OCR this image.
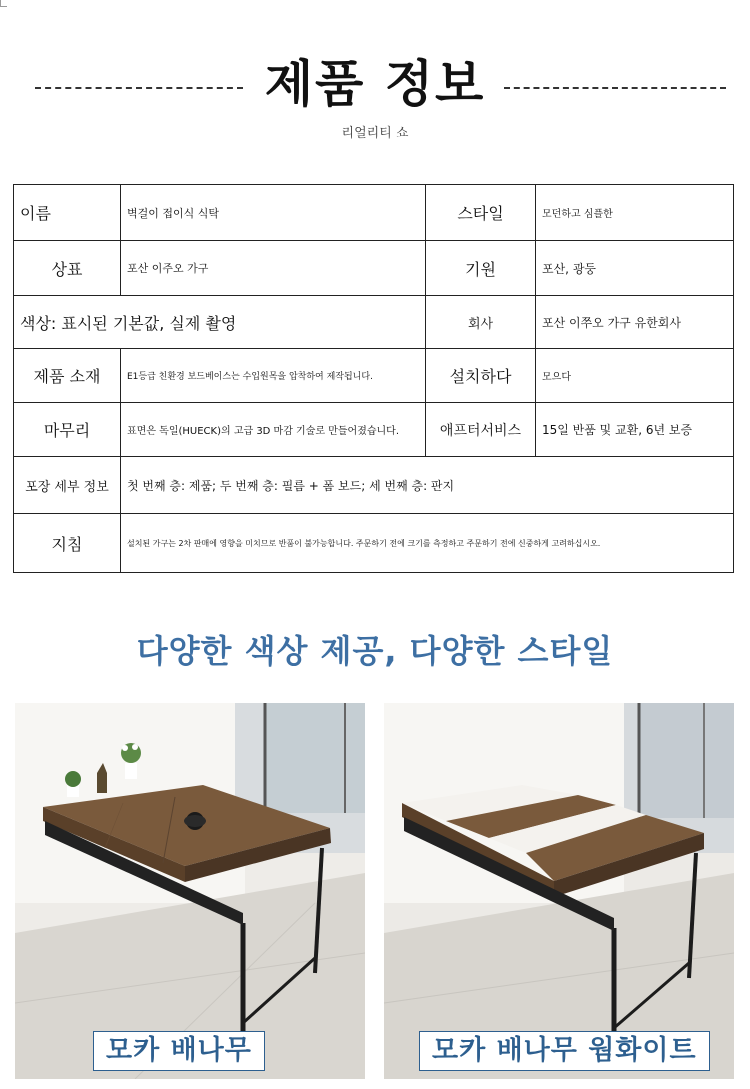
제품 정보
리얼리티 쇼
이름	벽걸이 접이식 식탁	스타일	모던하고 심플한
상표	포산 이주오 가구	기원	포산, 광둥
색상: 표시된 기본값, 실제 촬영		회사	포산 이쭈오 가구 유한회사
제품 소재	E1등급 친환경 보드베이스는 수입원목을 압착하여 제작됩니다.	설치하다	모으다
마무리	표면은 독일(HUECK)의 고급 3D 마감 기술로 만들어졌습니다.	애프터서비스	15일 반품 및 교환, 6년 보증
포장 세부 정보	첫 번째 층: 제품; 두 번째 층: 필름 + 폼 보드; 세 번째 층: 판지		
지침	설치된 가구는 2차 판매에 영향을 미치므로 반품이 불가능합니다. 주문하기 전에 크기를 측정하고 주문하기 전에 신중하게 고려하십시오.		
다양한 색상 제공, 다양한 스타일
모카 배나무	모카 배나무 웜화이트
